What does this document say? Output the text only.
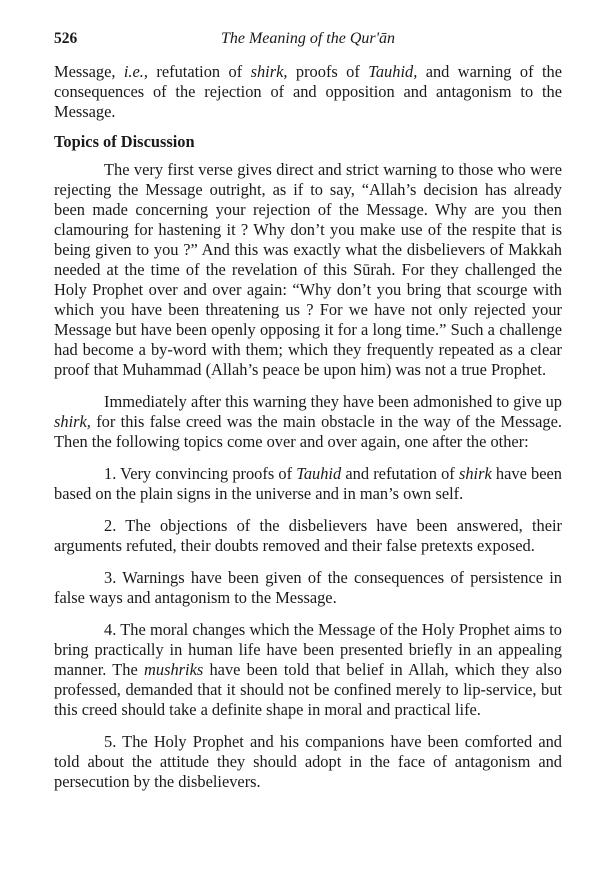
526	The Meaning of the Qur'ān

Message, i.e., refutation of shirk, proofs of Tauhid, and warning of the consequences of the rejection of and opposition and antagonism to the Message.

Topics of Discussion

The very first verse gives direct and strict warning to those who were rejecting the Message outright, as if to say, “Allah’s decision has already been made concerning your rejection of the Message. Why are you then clamouring for hastening it ? Why don’t you make use of the respite that is being given to you ?” And this was exactly what the disbelievers of Makkah needed at the time of the revelation of this Sūrah. For they challenged the Holy Prophet over and over again: “Why don’t you bring that scourge with which you have been threatening us ? For we have not only rejected your Message but have been openly opposing it for a long time.” Such a challenge had become a by-word with them; which they frequently repeated as a clear proof that Muhammad (Allah’s peace be upon him) was not a true Prophet.

Immediately after this warning they have been admonished to give up shirk, for this false creed was the main obstacle in the way of the Message. Then the following topics come over and over again, one after the other:

1. Very convincing proofs of Tauhid and refutation of shirk have been based on the plain signs in the universe and in man’s own self.

2. The objections of the disbelievers have been answered, their arguments refuted, their doubts removed and their false pretexts exposed.

3. Warnings have been given of the consequences of persistence in false ways and antagonism to the Message.

4. The moral changes which the Message of the Holy Prophet aims to bring practically in human life have been presented briefly in an appealing manner. The mushriks have been told that belief in Allah, which they also professed, demanded that it should not be confined merely to lip-service, but this creed should take a definite shape in moral and practical life.

5. The Holy Prophet and his companions have been comforted and told about the attitude they should adopt in the face of antagonism and persecution by the disbelievers.
